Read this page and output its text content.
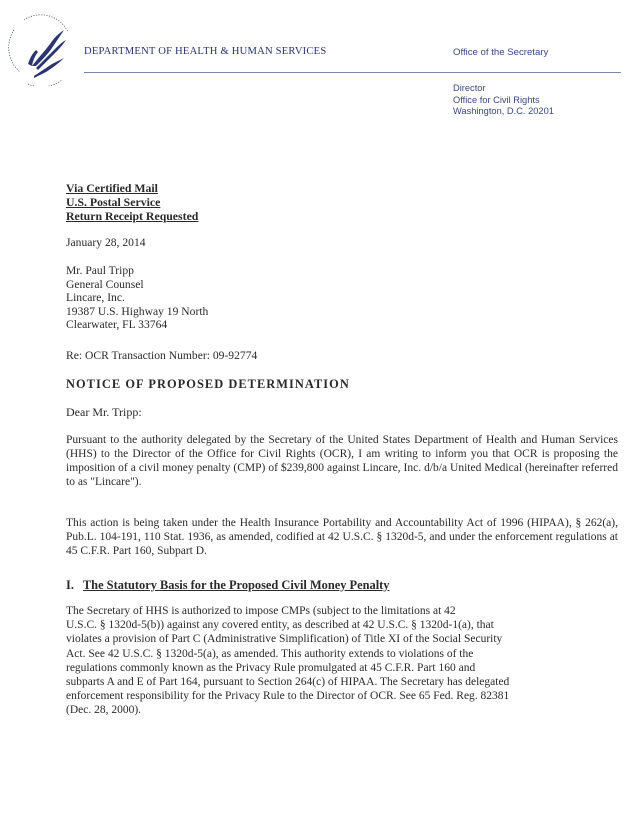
DEPARTMENT OF HEALTH & HUMAN SERVICES	Office of the Secretary
Director
Office for Civil Rights
Washington, D.C. 20201
Via Certified Mail
U.S. Postal Service
Return Receipt Requested
January 28, 2014
Mr. Paul Tripp
General Counsel
Lincare, Inc.
19387 U.S. Highway 19 North
Clearwater, FL 33764
Re: OCR Transaction Number: 09-92774
NOTICE OF PROPOSED DETERMINATION
Dear Mr. Tripp:

Pursuant to the authority delegated by the Secretary of the United States Department of Health and Human Services (HHS) to the Director of the Office for Civil Rights (OCR), I am writing to inform you that OCR is proposing the imposition of a civil money penalty (CMP) of $239,800 against Lincare, Inc. d/b/a United Medical (hereinafter referred to as "Lincare").

This action is being taken under the Health Insurance Portability and Accountability Act of 1996 (HIPAA), § 262(a), Pub.L. 104-191, 110 Stat. 1936, as amended, codified at 42 U.S.C. § 1320d-5, and under the enforcement regulations at 45 C.F.R. Part 160, Subpart D.

I. The Statutory Basis for the Proposed Civil Money Penalty
The Secretary of HHS is authorized to impose CMPs (subject to the limitations at 42
U.S.C. § 1320d-5(b)) against any covered entity, as described at 42 U.S.C. § 1320d-1(a), that
violates a provision of Part C (Administrative Simplification) of Title XI of the Social Security
Act. See 42 U.S.C. § 1320d-5(a), as amended. This authority extends to violations of the
regulations commonly known as the Privacy Rule promulgated at 45 C.F.R. Part 160 and
subparts A and E of Part 164, pursuant to Section 264(c) of HIPAA. The Secretary has delegated
enforcement responsibility for the Privacy Rule to the Director of OCR. See 65 Fed. Reg. 82381
(Dec. 28, 2000).
